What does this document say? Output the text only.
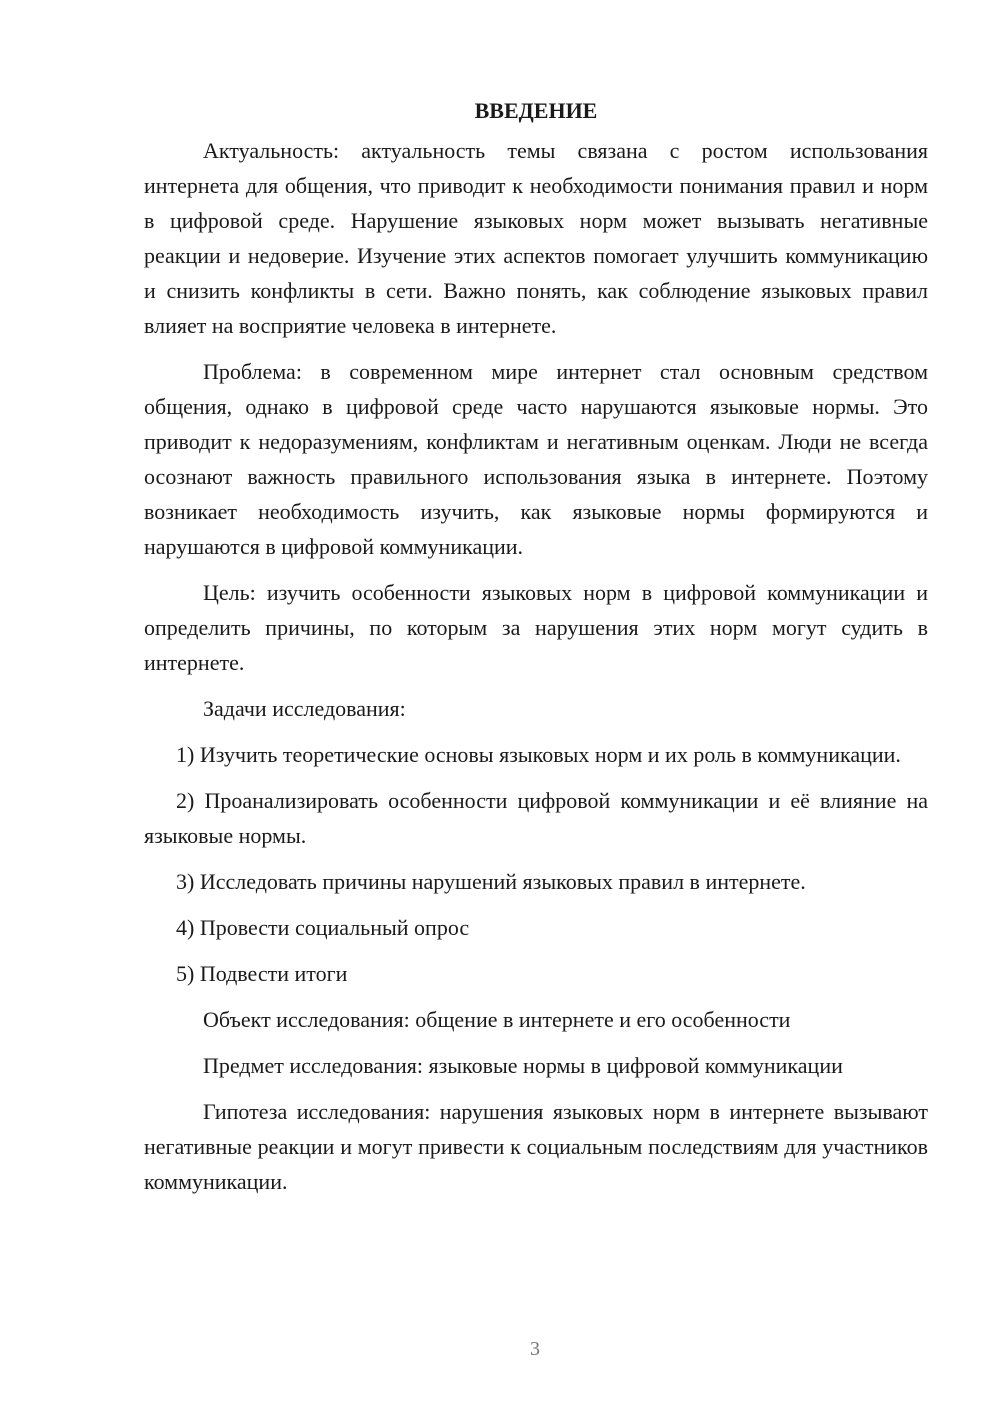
ВВЕДЕНИЕ

Актуальность: актуальность темы связана с ростом использования интернета для общения, что приводит к необходимости понимания правил и норм в цифровой среде. Нарушение языковых норм может вызывать негативные реакции и недоверие. Изучение этих аспектов помогает улучшить коммуникацию и снизить конфликты в сети. Важно понять, как соблюдение языковых правил влияет на восприятие человека в интернете.

Проблема: в современном мире интернет стал основным средством общения, однако в цифровой среде часто нарушаются языковые нормы. Это приводит к недоразумениям, конфликтам и негативным оценкам. Люди не всегда осознают важность правильного использования языка в интернете. Поэтому возникает необходимость изучить, как языковые нормы формируются и нарушаются в цифровой коммуникации.

Цель: изучить особенности языковых норм в цифровой коммуникации и определить причины, по которым за нарушения этих норм могут судить в интернете.

Задачи исследования:

1) Изучить теоретические основы языковых норм и их роль в коммуникации.

2) Проанализировать особенности цифровой коммуникации и её влияние на языковые нормы.

3) Исследовать причины нарушений языковых правил в интернете.

4) Провести социальный опрос

5) Подвести итоги

Объект исследования: общение в интернете и его особенности

Предмет исследования: языковые нормы в цифровой коммуникации

Гипотеза исследования: нарушения языковых норм в интернете вызывают негативные реакции и могут привести к социальным последствиям для участников коммуникации.

3
